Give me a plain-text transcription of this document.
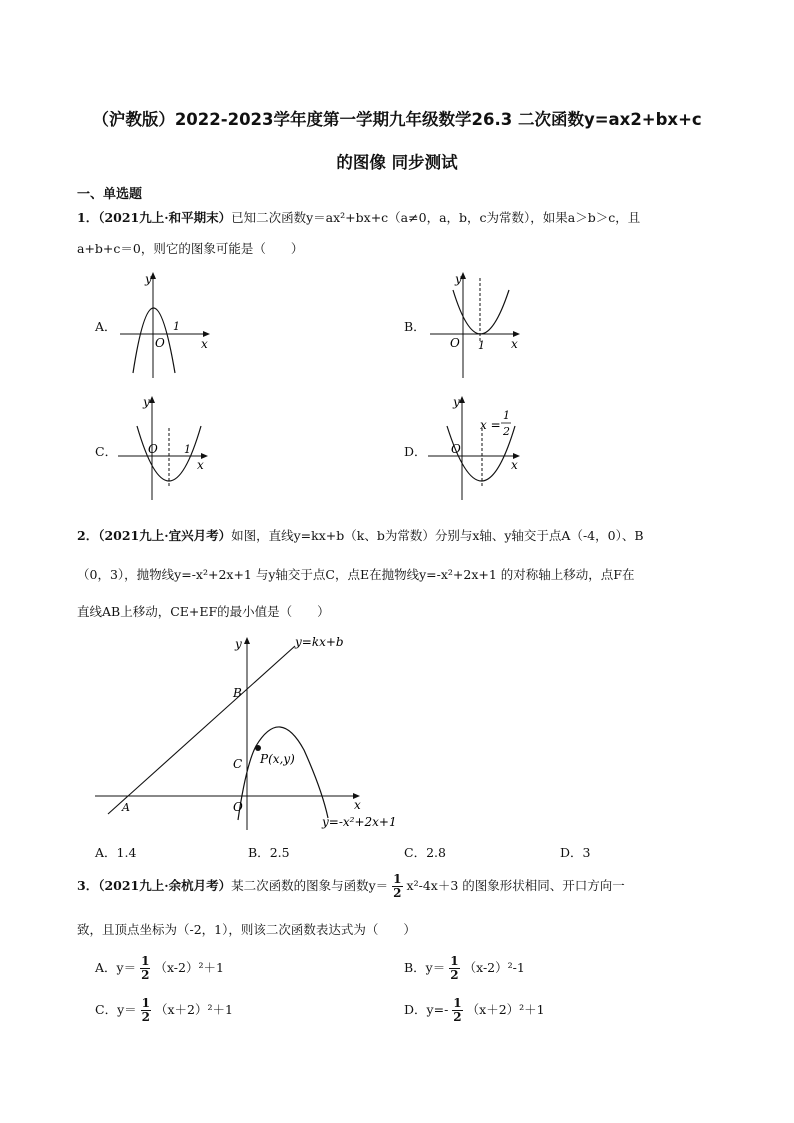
（沪教版）2022-2023学年度第一学期九年级数学26.3 二次函数y=ax2+bx+c
的图像 同步测试
一、单选题
1．（2021九上·和平期末）已知二次函数y＝ax²+bx+c（a≠0，a，b，c为常数），如果a＞b＞c，且
a+b+c＝0，则它的图象可能是（　　）
A．
y
x
O
1	B．
y
x
O 1
C．
y
x
O 1	D．
y
x
O
x =
1
2
2．（2021九上·宜兴月考）如图，直线y=kx+b（k、b为常数）分别与x轴、y轴交于点A（-4，0）、B
（0，3），抛物线y=-x²+2x+1 与y轴交于点C，点E在抛物线y=-x²+2x+1 的对称轴上移动，点F在
直线AB上移动，CE+EF的最小值是（　　）
y
x
y=kx+b
B
C P(x,y)
A	O
y=-x²+2x+1
A．1.4	B．2.5	C．2.8	D．3
3．（2021九上·余杭月考）某二次函数的图象与函数$y= \frac{1}{2} x^2-4x+3$ 的图象形状相同、开口方向一
致，且顶点坐标为（-2，1），则该二次函数表达式为（　　）
A．$y= \frac{1}{2} (x-2)^2+1$	B．$y= \frac{1}{2} (x-2)^2-1$
C．$y= \frac{1}{2} (x+2)^2+1$	D．$y=- \frac{1}{2} (x+2)^2+1$
